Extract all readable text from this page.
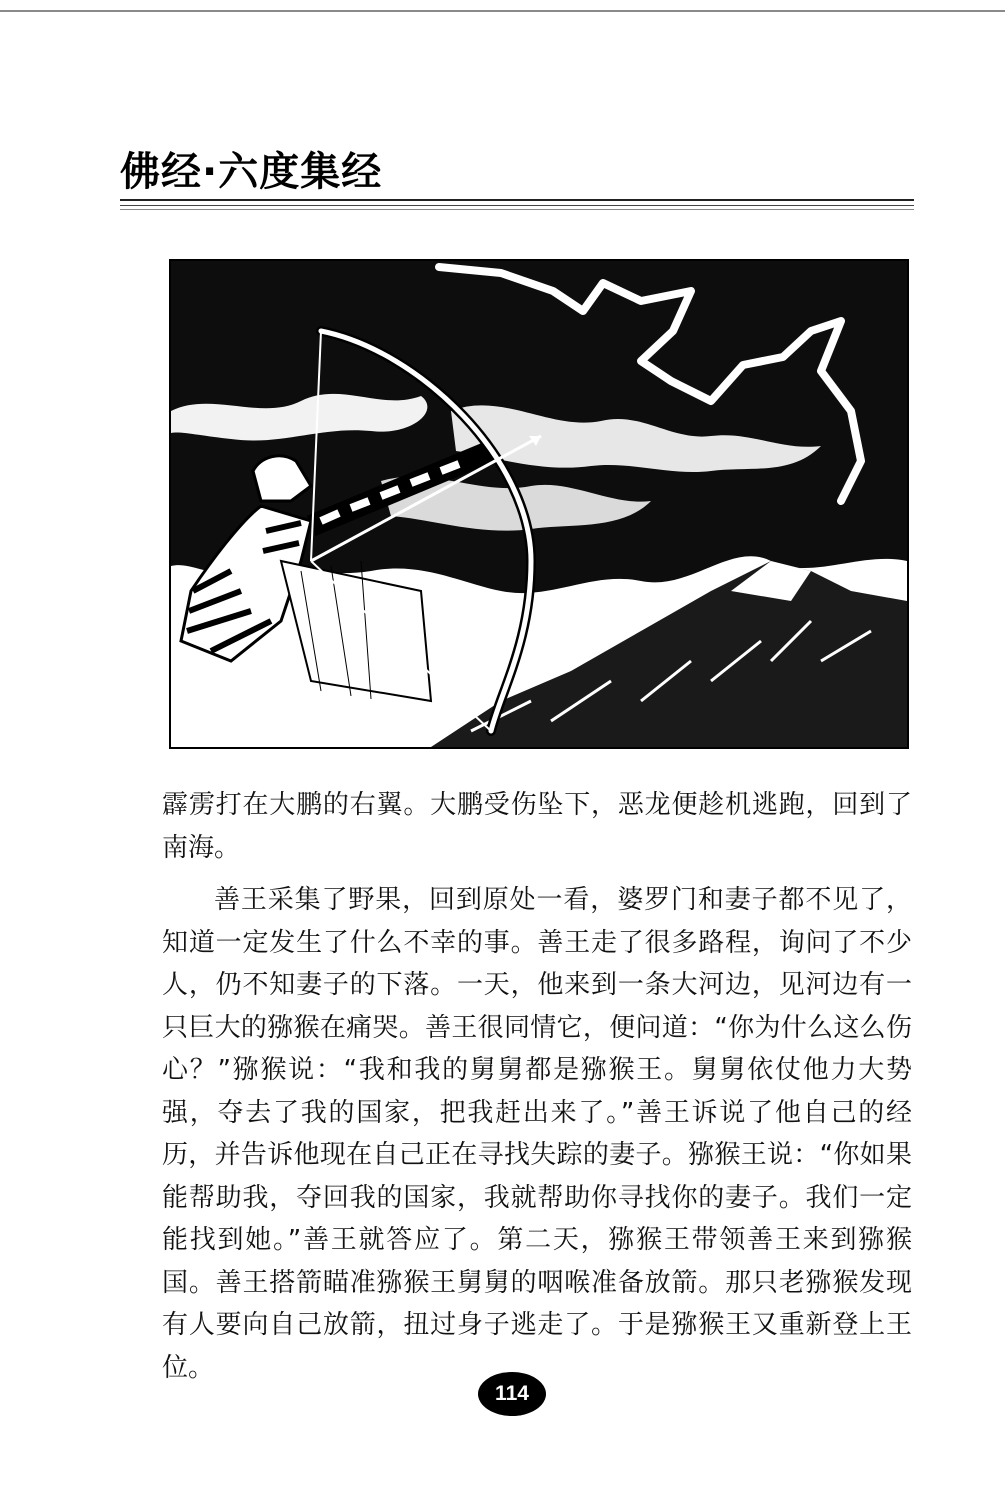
佛经·六度集经

霹雳打在大鹏的右翼。大鹏受伤坠下，恶龙便趁机逃跑，回到了南海。

善王采集了野果，回到原处一看，婆罗门和妻子都不见了，知道一定发生了什么不幸的事。善王走了很多路程，询问了不少人，仍不知妻子的下落。一天，他来到一条大河边，见河边有一只巨大的猕猴在痛哭。善王很同情它，便问道：“你为什么这么伤心？”猕猴说：“我和我的舅舅都是猕猴王。舅舅依仗他力大势强，夺去了我的国家，把我赶出来了。”善王诉说了他自己的经历，并告诉他现在自己正在寻找失踪的妻子。猕猴王说：“你如果能帮助我，夺回我的国家，我就帮助你寻找你的妻子。我们一定能找到她。”善王就答应了。第二天，猕猴王带领善王来到猕猴国。善王搭箭瞄准猕猴王舅舅的咽喉准备放箭。那只老猕猴发现有人要向自己放箭，扭过身子逃走了。于是猕猴王又重新登上王位。

114
